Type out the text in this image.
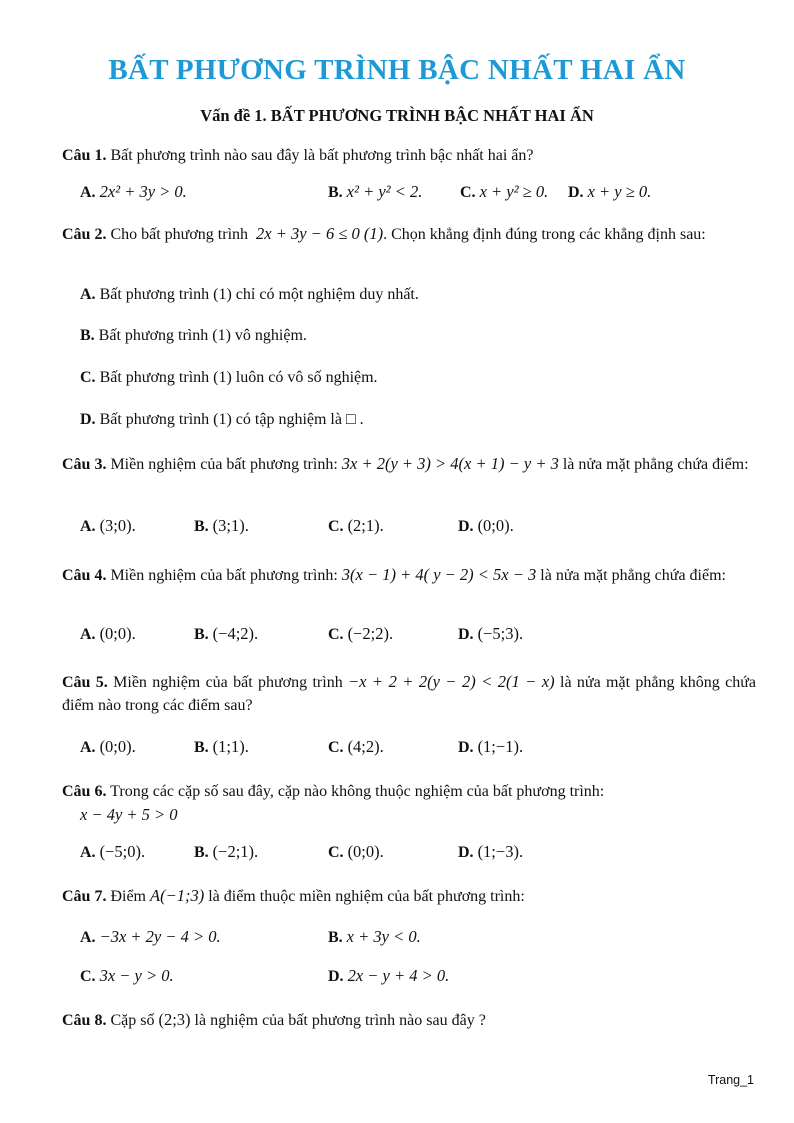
BẤT PHƯƠNG TRÌNH BẬC NHẤT HAI ẨN
Vấn đề 1. BẤT PHƯƠNG TRÌNH BẬC NHẤT HAI ẨN
Câu 1. Bất phương trình nào sau đây là bất phương trình bậc nhất hai ẩn?
A. 2x² + 3y > 0.	B. x² + y² < 2. C. x + y² ≥ 0. D. x + y ≥ 0.
Câu 2. Cho bất phương trình 2x + 3y − 6 ≤ 0 (1). Chọn khẳng định đúng trong các khẳng định sau:
A. Bất phương trình (1) chỉ có một nghiệm duy nhất.
B. Bất phương trình (1) vô nghiệm.
C. Bất phương trình (1) luôn có vô số nghiệm.
D. Bất phương trình (1) có tập nghiệm là □ .
Câu 3. Miền nghiệm của bất phương trình: 3x + 2(y + 3) > 4(x + 1) − y + 3 là nửa mặt phẳng chứa điểm:
A. (3;0).	B. (3;1).	C. (2;1).	D. (0;0).
Câu 4. Miền nghiệm của bất phương trình: 3(x − 1) + 4( y − 2) < 5x − 3 là nửa mặt phẳng chứa điểm:
A. (0;0).	B. (−4;2).	C. (−2;2).	D. (−5;3).
Câu 5. Miền nghiệm của bất phương trình −x + 2 + 2(y − 2) < 2(1 − x) là nửa mặt phẳng không chứa điểm nào trong các điểm sau?
A. (0;0).	B. (1;1).	C. (4;2).	D. (1;−1).
Câu 6. Trong các cặp số sau đây, cặp nào không thuộc nghiệm của bất phương trình:
x − 4y + 5 > 0
A. (−5;0).	B. (−2;1).	C. (0;0).	D. (1;−3).
Câu 7. Điểm A(−1;3) là điểm thuộc miền nghiệm của bất phương trình:
A. −3x + 2y − 4 > 0.	B. x + 3y < 0.
C. 3x − y > 0.	D. 2x − y + 4 > 0.
Câu 8. Cặp số (2;3) là nghiệm của bất phương trình nào sau đây ?
Trang_1
